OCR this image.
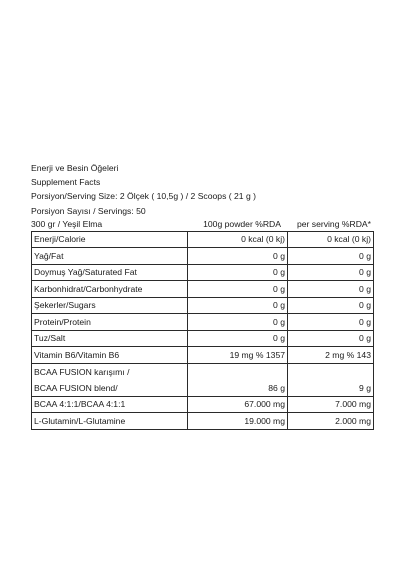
Enerji ve Besin Öğeleri
Supplement Facts
Porsiyon/Serving Size: 2 Ölçek ( 10,5g ) / 2 Scoops ( 21 g )
Porsiyon Sayısı / Servings: 50
300 gr / Yeşil Elma	100g powder %RDA	per serving %RDA*
Enerji/Calorie	0 kcal (0 kj)	0 kcal (0 kj)
Yağ/Fat	0 g	0 g
Doymuş Yağ/Saturated Fat	0 g	0 g
Karbonhidrat/Carbonhydrate	0 g	0 g
Şekerler/Sugars	0 g	0 g
Protein/Protein	0 g	0 g
Tuz/Salt	0 g	0 g
Vitamin B6/Vitamin B6	19 mg % 1357	2 mg % 143

BCAA FUSION karışımı /
BCAA FUSION blend/	86 g	9 g
BCAA 4:1:1/BCAA 4:1:1	67.000 mg	7.000 mg
L-Glutamin/L-Glutamine	19.000 mg	2.000 mg
